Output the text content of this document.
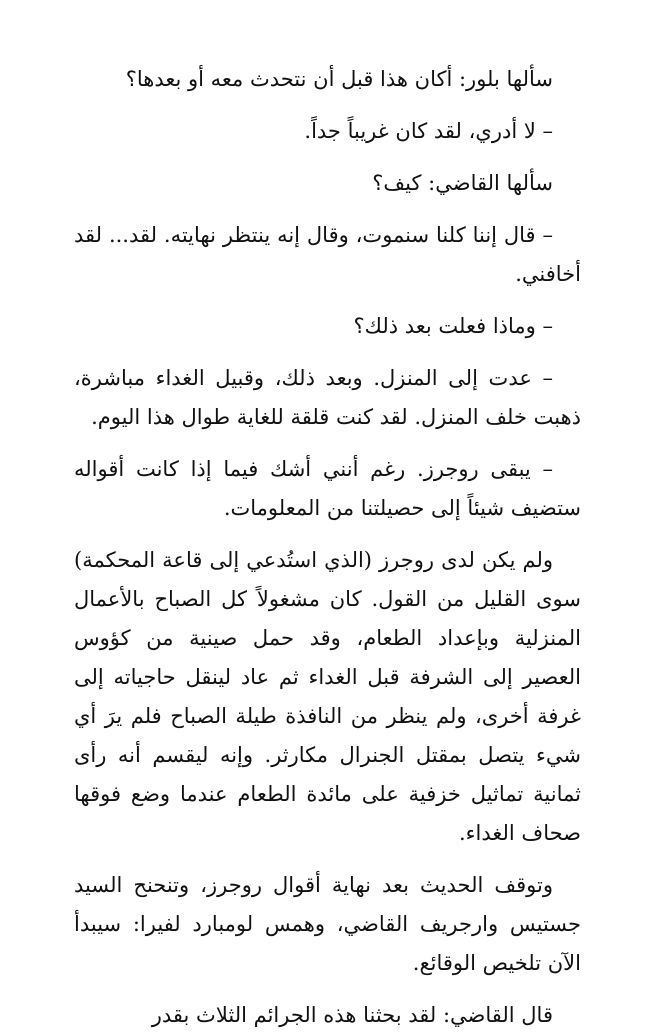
سألها بلور: أكان هذا قبل أن نتحدث معه أو بعدها؟

– لا أدري، لقد كان غريباً جداً.

سألها القاضي: كيف؟

– قال إننا كلنا سنموت، وقال إنه ينتظر نهايته. لقد... لقد أخافني.

– وماذا فعلت بعد ذلك؟

– عدت إلى المنزل. وبعد ذلك، وقبيل الغداء مباشرة، ذهبت خلف المنزل. لقد كنت قلقة للغاية طوال هذا اليوم.

– يبقى روجرز. رغم أنني أشك فيما إذا كانت أقواله ستضيف شيئاً إلى حصيلتنا من المعلومات.

ولم يكن لدى روجرز (الذي استُدعي إلى قاعة المحكمة) سوى القليل من القول. كان مشغولاً كل الصباح بالأعمال المنزلية وبإعداد الطعام، وقد حمل صينية من كؤوس العصير إلى الشرفة قبل الغداء ثم عاد لينقل حاجياته إلى غرفة أخرى، ولم ينظر من النافذة طيلة الصباح فلم يرَ أي شيء يتصل بمقتل الجنرال مكارثر. وإنه ليقسم أنه رأى ثمانية تماثيل خزفية على مائدة الطعام عندما وضع فوقها صحاف الغداء.

وتوقف الحديث بعد نهاية أقوال روجرز، وتنحنح السيد جستيس وارجريف القاضي، وهمس لومبارد لفيرا: سيبدأ الآن تلخيص الوقائع.

قال القاضي: لقد بحثنا هذه الجرائم الثلاث بقدر
